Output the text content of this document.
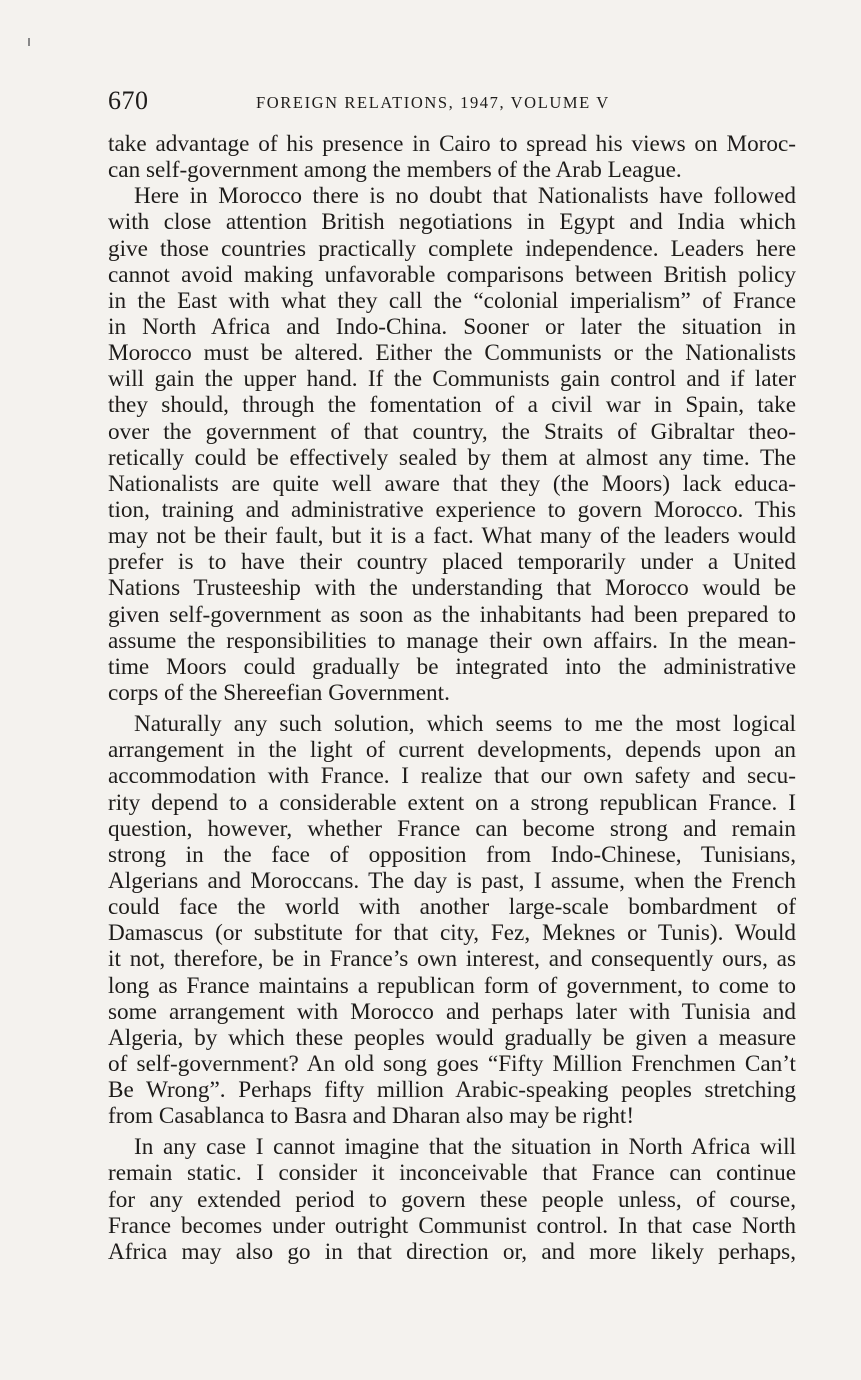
670	FOREIGN RELATIONS, 1947, VOLUME V
take advantage of his presence in Cairo to spread his views on Moroc-
can self-government among the members of the Arab League.
Here in Morocco there is no doubt that Nationalists have followed
with close attention British negotiations in Egypt and India which
give those countries practically complete independence. Leaders here
cannot avoid making unfavorable comparisons between British policy
in the East with what they call the “colonial imperialism” of France
in North Africa and Indo-China. Sooner or later the situation in
Morocco must be altered. Either the Communists or the Nationalists
will gain the upper hand. If the Communists gain control and if later
they should, through the fomentation of a civil war in Spain, take
over the government of that country, the Straits of Gibraltar theo-
retically could be effectively sealed by them at almost any time. The
Nationalists are quite well aware that they (the Moors) lack educa-
tion, training and administrative experience to govern Morocco. This
may not be their fault, but it is a fact. What many of the leaders would
prefer is to have their country placed temporarily under a United
Nations Trusteeship with the understanding that Morocco would be
given self-government as soon as the inhabitants had been prepared to
assume the responsibilities to manage their own affairs. In the mean-
time Moors could gradually be integrated into the administrative
corps of the Shereefian Government.
Naturally any such solution, which seems to me the most logical
arrangement in the light of current developments, depends upon an
accommodation with France. I realize that our own safety and secu-
rity depend to a considerable extent on a strong republican France. I
question, however, whether France can become strong and remain
strong in the face of opposition from Indo-Chinese, Tunisians,
Algerians and Moroccans. The day is past, I assume, when the French
could face the world with another large-scale bombardment of
Damascus (or substitute for that city, Fez, Meknes or Tunis). Would
it not, therefore, be in France’s own interest, and consequently ours, as
long as France maintains a republican form of government, to come to
some arrangement with Morocco and perhaps later with Tunisia and
Algeria, by which these peoples would gradually be given a measure
of self-government? An old song goes “Fifty Million Frenchmen Can’t
Be Wrong”. Perhaps fifty million Arabic-speaking peoples stretching
from Casablanca to Basra and Dharan also may be right!
In any case I cannot imagine that the situation in North Africa will
remain static. I consider it inconceivable that France can continue
for any extended period to govern these people unless, of course,
France becomes under outright Communist control. In that case North
Africa may also go in that direction or, and more likely perhaps,
